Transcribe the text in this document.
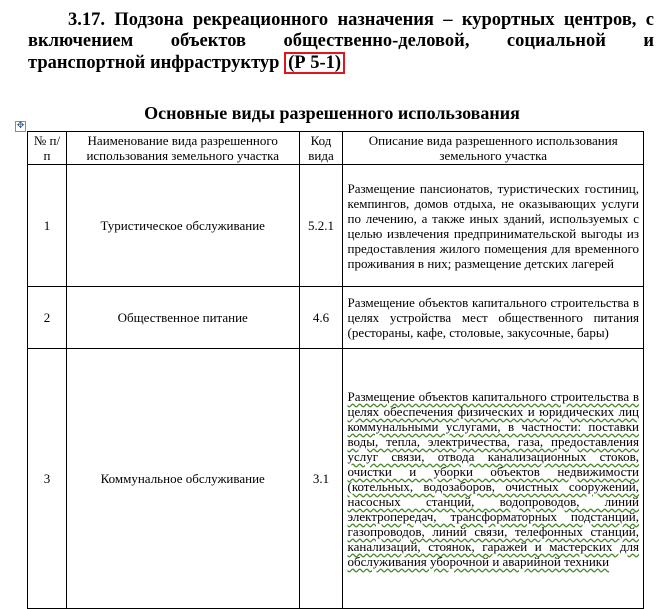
3.17. Подзона рекреационного назначения – курортных центров, с
включением объектов общественно-деловой, социальной и

транспортной инфраструктур (Р 5-1)
Основные виды разрешенного использования
✥
№ п/п	Наименование вида разрешенного использования земельного участка	Код вида	Описание вида разрешенного использования земельного участка
1	Туристическое обслуживание	5.2.1	Размещение пансионатов, туристических гостиниц, кемпингов, домов отдыха, не оказывающих услуги по лечению, а также иных зданий, используемых с целью извлечения предпринимательской выгоды из предоставления жилого помещения для временного проживания в них; размещение детских лагерей
2	Общественное питание	4.6	Размещение объектов капитального строительства в целях устройства мест общественного питания (рестораны, кафе, столовые, закусочные, бары)
3	Коммунальное обслуживание	3.1	Размещение объектов капитального строительства в целях обеспечения физических и юридических лиц коммунальными услугами, в частности: поставки воды, тепла, электричества, газа, предоставления услуг связи, отвода канализационных стоков, очистки и уборки объектов недвижимости (котельных, водозаборов, очистных сооружений, насосных станций, водопроводов, линий электропередач, трансформаторных подстанций, газопроводов, линий связи, телефонных станций, канализаций, стоянок, гаражей и мастерских для обслуживания уборочной и аварийной техники
